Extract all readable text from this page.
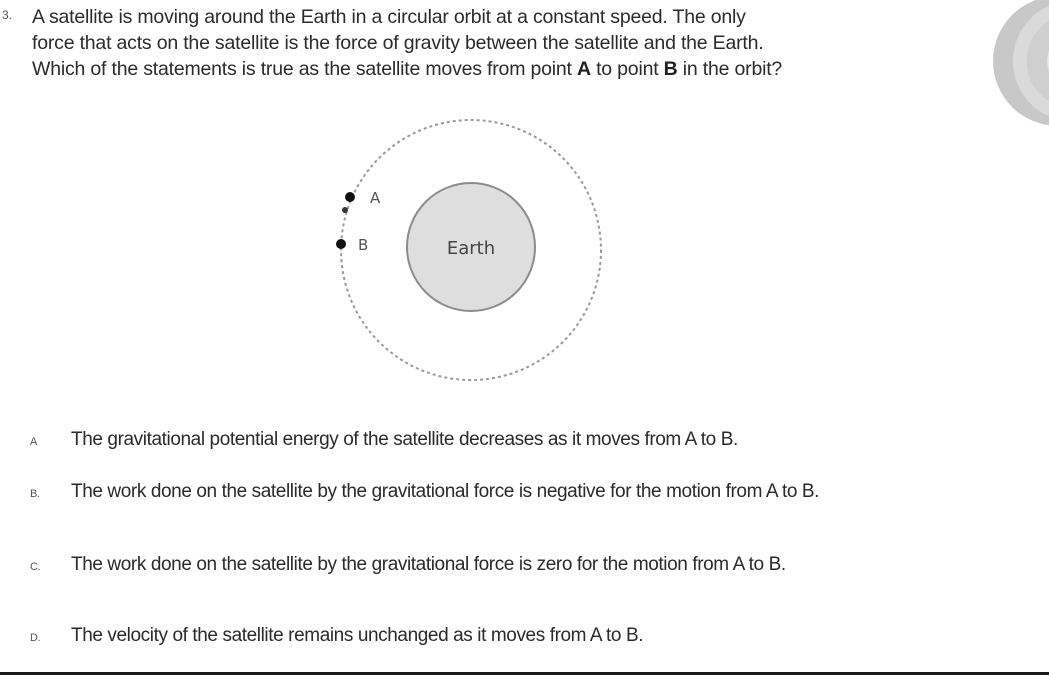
3. A satellite is moving around the Earth in a circular orbit at a constant speed. The only
force that acts on the satellite is the force of gravity between the satellite and the Earth.
Which of the statements is true as the satellite moves from point A to point B in the orbit?
Earth
A
B
A The gravitational potential energy of the satellite decreases as it moves from A to B.
B. The work done on the satellite by the gravitational force is negative for the motion from A to B.
C. The work done on the satellite by the gravitational force is zero for the motion from A to B.
D. The velocity of the satellite remains unchanged as it moves from A to B.
